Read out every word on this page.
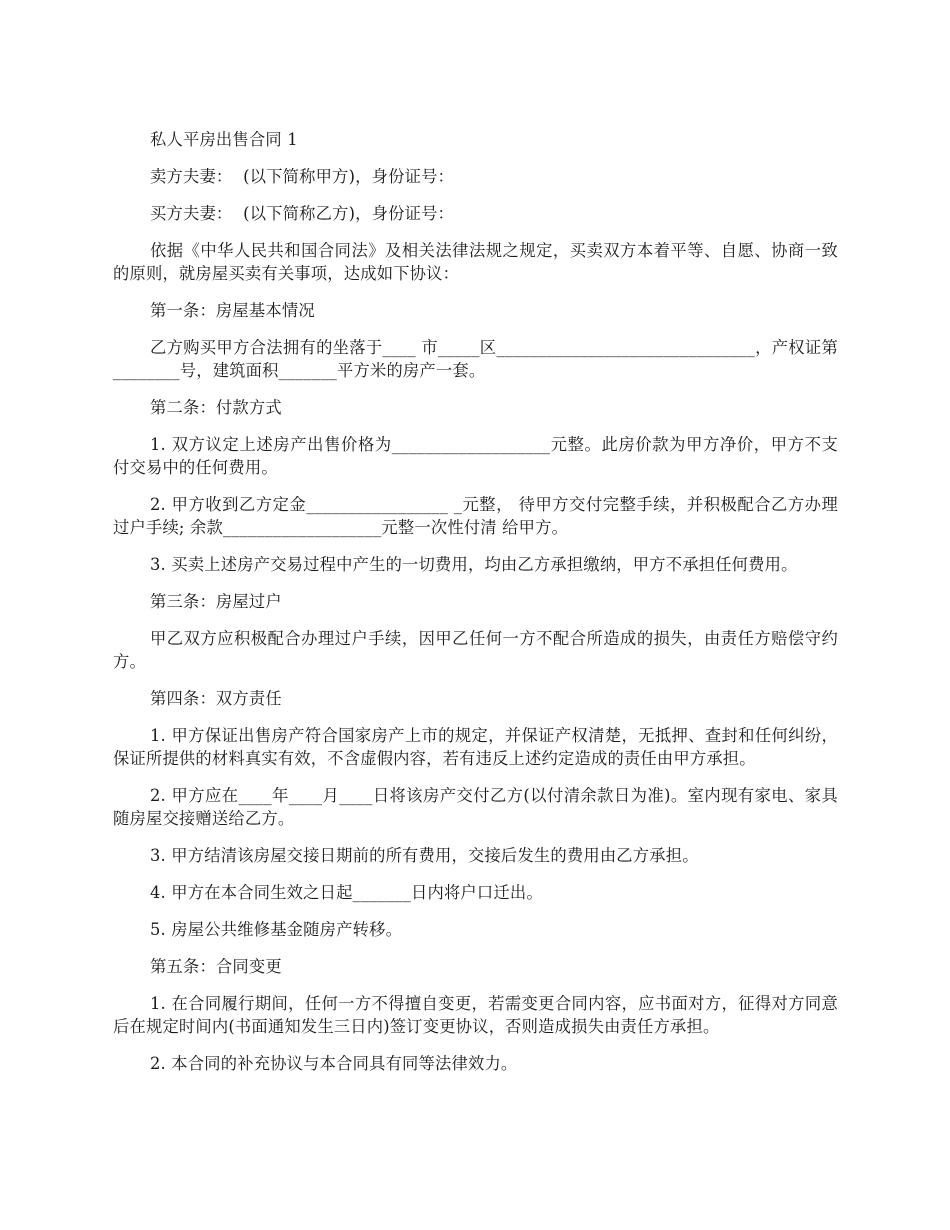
私人平房出售合同 1

卖方夫妻：  (以下简称甲方)，身份证号：

买方夫妻：  (以下简称乙方)，身份证号：

依据《中华人民共和国合同法》及相关法律法规之规定，买卖双方本着平等、自愿、协商一致的原则，就房屋买卖有关事项，达成如下协议：

第一条：房屋基本情况

乙方购买甲方合法拥有的坐落于____ 市_____区_______________________________，产权证第________号，建筑面积_______平方米的房产一套。

第二条：付款方式

1. 双方议定上述房产出售价格为___________________元整。此房价款为甲方净价，甲方不支付交易中的任何费用。

2. 甲方收到乙方定金_________________ _元整， 待甲方交付完整手续，并积极配合乙方办理过户手续; 余款___________________元整一次性付清 给甲方。

3. 买卖上述房产交易过程中产生的一切费用，均由乙方承担缴纳，甲方不承担任何费用。

第三条：房屋过户

甲乙双方应积极配合办理过户手续，因甲乙任何一方不配合所造成的损失，由责任方赔偿守约方。

第四条：双方责任

1. 甲方保证出售房产符合国家房产上市的规定，并保证产权清楚，无抵押、查封和任何纠纷，保证所提供的材料真实有效，不含虚假内容，若有违反上述约定造成的责任由甲方承担。

2. 甲方应在____年____月____日将该房产交付乙方(以付清余款日为准)。室内现有家电、家具随房屋交接赠送给乙方。

3. 甲方结清该房屋交接日期前的所有费用，交接后发生的费用由乙方承担。

4. 甲方在本合同生效之日起_______日内将户口迁出。

5. 房屋公共维修基金随房产转移。

第五条：合同变更

1. 在合同履行期间，任何一方不得擅自变更，若需变更合同内容，应书面对方，征得对方同意后在规定时间内(书面通知发生三日内)签订变更协议，否则造成损失由责任方承担。

2. 本合同的补充协议与本合同具有同等法律效力。
